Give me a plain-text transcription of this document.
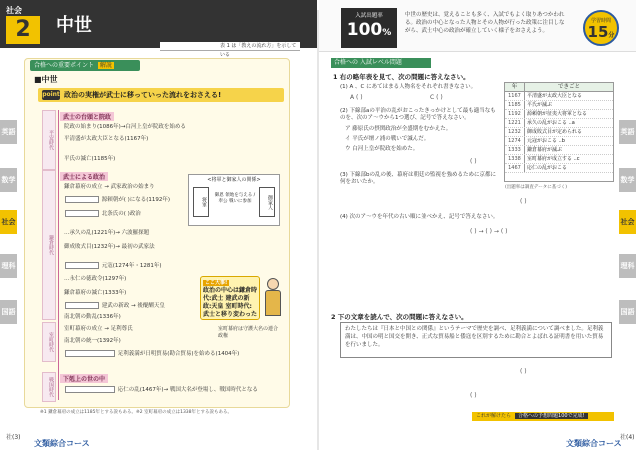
社会
2	中世
表 1 は「教えの流れ方」を示している
入試出題率
100%
中世の歴史は、覚えることも多く、入試でもよく取りあつかわれる。政治の中心となった人物とその人物が行った政策に注目しながら、武士中心の政治が確立していく様子をおさえよう。
学習時間
15分
英語
数学
社会
理科
国語
英語
数学
社会
理科
国語
合格への重要ポイント 解説
■中世
point 政治の実権が武士に移っていった流れをおさえる!
平安時代
鎌倉時代
室町時代
戦国時代
武士の台頭と院政
院政の始まり(1086年)→白河上皇が院政を始める
平清盛が太政大臣となる(1167年)
平氏の滅亡(1185年)
武士による政治
鎌倉幕府の成立 → 武家政治の始まり
源頼朝が( )になる(1192年)
北条氏の( )政治
…承久の乱(1221年)→ 六波羅探題
御成敗式目(1232年)→ 最初の武家法
元寇(1274年・1281年)
…永仁の徳政令(1297年)
鎌倉幕府の滅亡(1333年)
建武の新政 → 後醍醐天皇
南北朝の動乱(1336年)
室町幕府の成立 → 足利尊氏
南北朝の統一(1392年)
足利義満が日明貿易(勘合貿易)を始める(1404年)
下剋上の世の中
応仁の乱(1467年)→ 戦国大名が登場し、戦国時代となる
<将軍と御家人の関係>
将軍	御家人
御恩 領地を与える / 奉公 戦いに参加
ここ大事!
政治の中心は鎌倉時代:武士 建武の新政:天皇 室町時代:武士と移り変わった
室町幕府は守護大名の連合政権
※1 鎌倉幕府の成立は1185年とする説もある。※2 室町幕府の成立は1338年とする説もある。
社(3)
文類綜合コース
合格への 入試レベル問題
1 右の略年表を見て、次の問題に答えなさい。
(1) A 、C にあてはまる人物名をそれぞれ書きなさい。
A ( )	C ( )
(2) 下線部aの平治の乱がおこったきっかけとして最も適当なものを、次のア〜ウから1つ選び、記号で答えなさい。
ア 藤原氏の摂関政治が全盛期をむかえた。
イ 平氏が壇ノ浦の戦いで滅んだ。
ウ 白河上皇が院政を始めた。
( )
(3) 下線部bの乱の後、幕府は朝廷の監視を強めるために京都に何をおいたか。
( )
(4) 次のア〜ウを年代の古い順に並べかえ、記号で答えなさい。
( ) → ( ) → ( )
年	できごと
1167	平清盛が太政大臣となる
1185	平氏が滅ぶ
1192	源頼朝が征夷大将軍となる
1221	承久の乱がおこる ..a
1232	御成敗式目が定められる
1274	元寇がおこる ..b
1333	鎌倉幕府が滅ぶ
1338	室町幕府が成立する ..c
1467	応仁の乱がおこる
(出題率は調査データに基づく)
2 下の文章を読んで、次の問題に答えなさい。
わたしたちは『日本と中国との関係』というテーマで歴史を調べ、足利義満について調べました。足利義満は、中国の明と国交を開き、正式な貿易船と倭寇を区別するために勘合とよばれる証明書を用いた貿易を行いました。
( )
( )
これが解けたら 合格への予想問題100で完成!
文類綜合コース
社(4)
